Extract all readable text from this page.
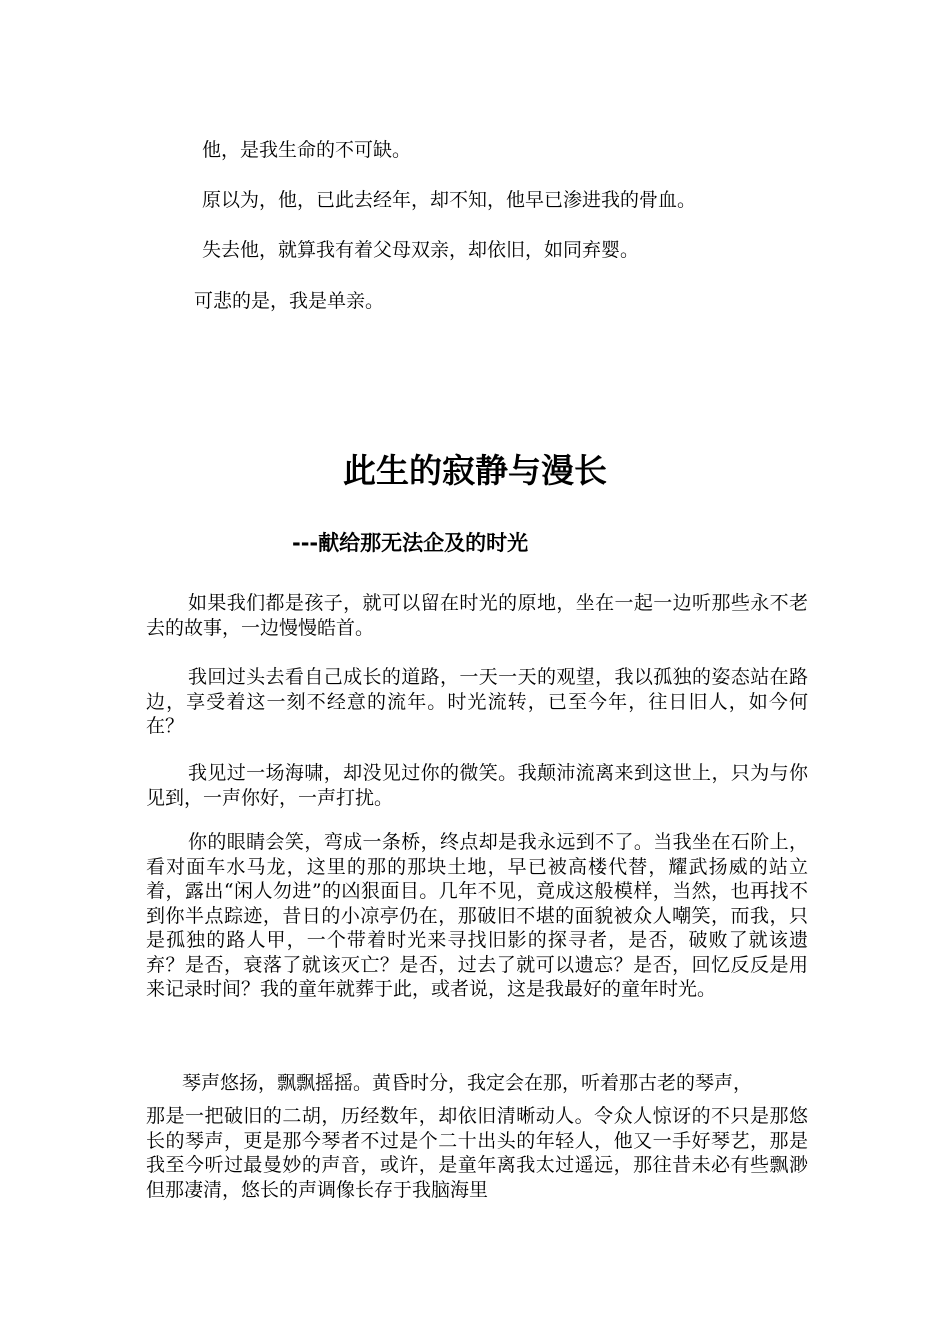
他，是我生命的不可缺。

原以为，他，已此去经年，却不知，他早已渗进我的骨血。

失去他，就算我有着父母双亲，却依旧，如同弃婴。

可悲的是，我是单亲。

此生的寂静与漫长
---献给那无法企及的时光

如果我们都是孩子，就可以留在时光的原地，坐在一起一边听那些永不老去的故事，一边慢慢皓首。

我回过头去看自己成长的道路，一天一天的观望，我以孤独的姿态站在路边，享受着这一刻不经意的流年。时光流转，已至今年，往日旧人，如今何在？

我见过一场海啸，却没见过你的微笑。我颠沛流离来到这世上，只为与你见到，一声你好，一声打扰。

你的眼睛会笑，弯成一条桥，终点却是我永远到不了。当我坐在石阶上，看对面车水马龙，这里的那的那块土地，早已被高楼代替，耀武扬威的站立着，露出“闲人勿进”的凶狠面目。几年不见，竟成这般模样，当然，也再找不到你半点踪迹，昔日的小凉亭仍在，那破旧不堪的面貌被众人嘲笑，而我，只是孤独的路人甲，一个带着时光来寻找旧影的探寻者，是否，破败了就该遗弃？是否，衰落了就该灭亡？是否，过去了就可以遗忘？是否，回忆反反是用来记录时间？我的童年就葬于此，或者说，这是我最好的童年时光。

琴声悠扬，飘飘摇摇。黄昏时分，我定会在那，听着那古老的琴声，

那是一把破旧的二胡，历经数年，却依旧清晰动人。令众人惊讶的不只是那悠长的琴声，更是那今琴者不过是个二十出头的年轻人，他又一手好琴艺，那是我至今听过最曼妙的声音，或许，是童年离我太过遥远，那往昔未必有些飘渺但那凄清，悠长的声调像长存于我脑海里
